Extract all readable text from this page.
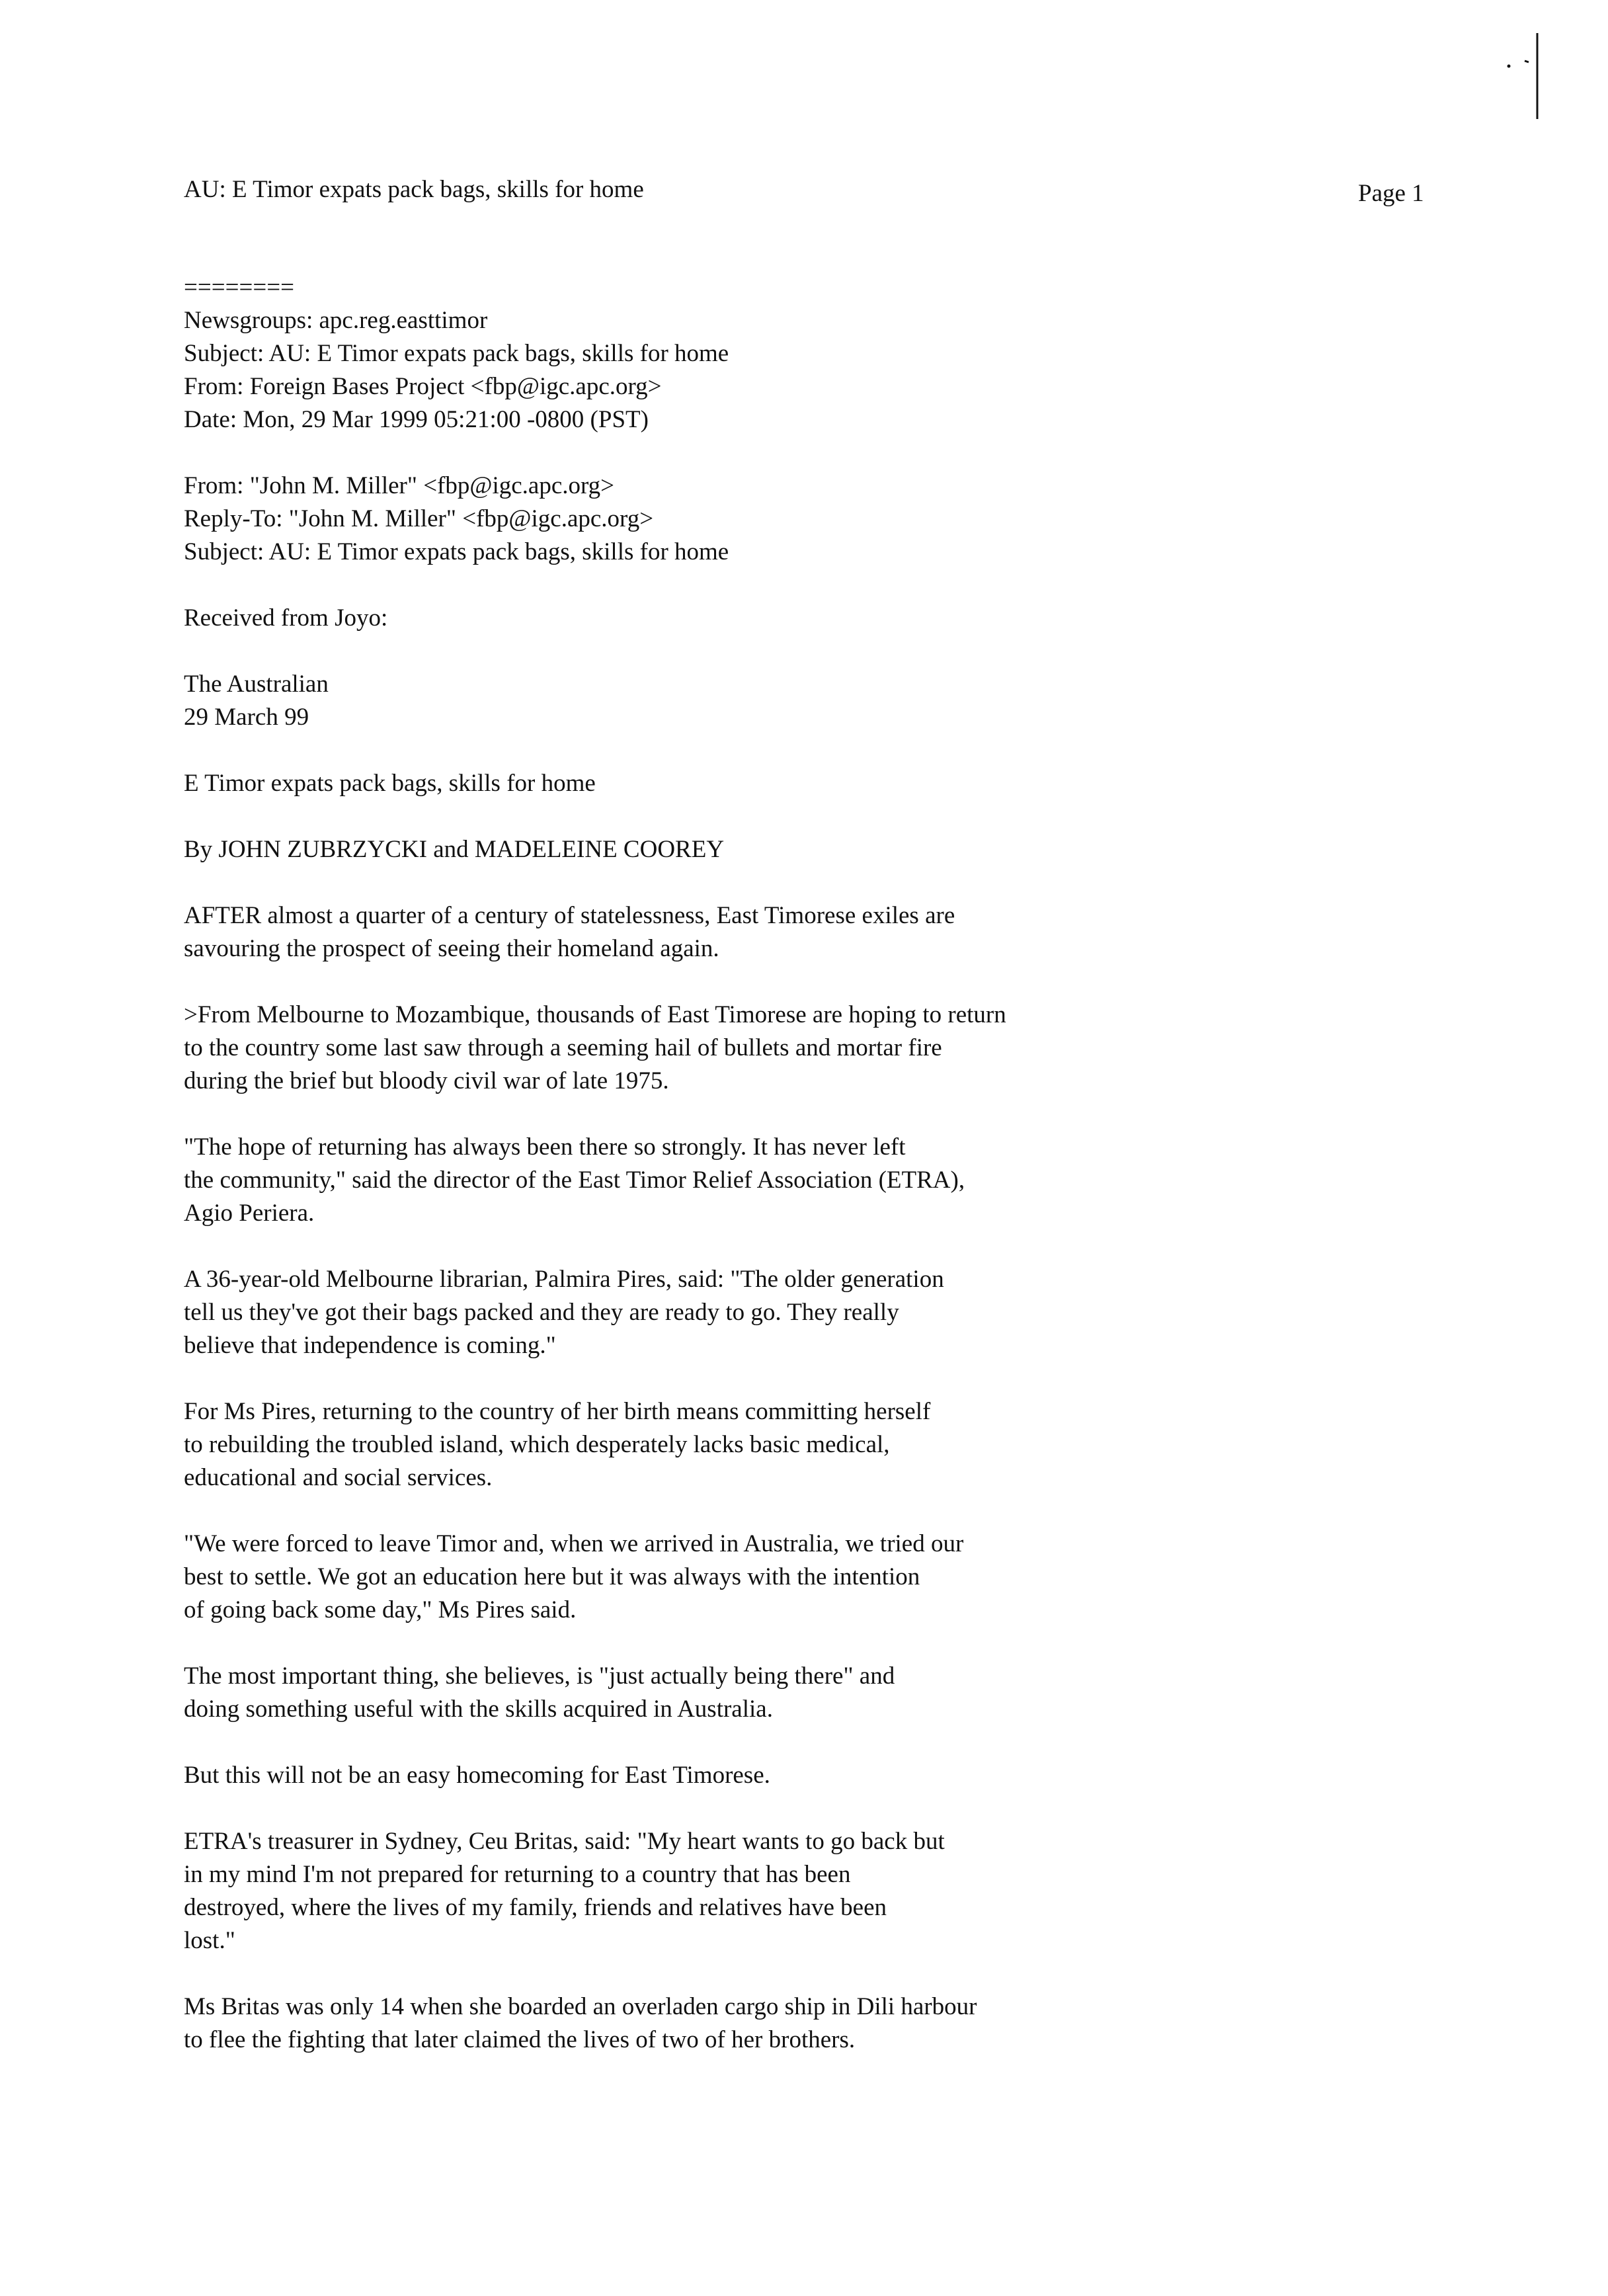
AU: E Timor expats pack bags, skills for home	Page 1
========
Newsgroups: apc.reg.easttimor
Subject: AU: E Timor expats pack bags, skills for home
From: Foreign Bases Project <fbp@igc.apc.org>
Date: Mon, 29 Mar 1999 05:21:00 -0800 (PST)
From: "John M. Miller" <fbp@igc.apc.org>
Reply-To: "John M. Miller" <fbp@igc.apc.org>
Subject: AU: E Timor expats pack bags, skills for home
Received from Joyo:
The Australian
29 March 99
E Timor expats pack bags, skills for home
By JOHN ZUBRZYCKI and MADELEINE COOREY
AFTER almost a quarter of a century of statelessness, East Timorese exiles are
savouring the prospect of seeing their homeland again.
>From Melbourne to Mozambique, thousands of East Timorese are hoping to return
to the country some last saw through a seeming hail of bullets and mortar fire
during the brief but bloody civil war of late 1975.
"The hope of returning has always been there so strongly. It has never left
the community," said the director of the East Timor Relief Association (ETRA),
Agio Periera.
A 36-year-old Melbourne librarian, Palmira Pires, said: "The older generation
tell us they've got their bags packed and they are ready to go. They really
believe that independence is coming."
For Ms Pires, returning to the country of her birth means committing herself
to rebuilding the troubled island, which desperately lacks basic medical,
educational and social services.
"We were forced to leave Timor and, when we arrived in Australia, we tried our
best to settle. We got an education here but it was always with the intention
of going back some day," Ms Pires said.
The most important thing, she believes, is "just actually being there" and
doing something useful with the skills acquired in Australia.
But this will not be an easy homecoming for East Timorese.
ETRA's treasurer in Sydney, Ceu Britas, said: "My heart wants to go back but
in my mind I'm not prepared for returning to a country that has been
destroyed, where the lives of my family, friends and relatives have been
lost."
Ms Britas was only 14 when she boarded an overladen cargo ship in Dili harbour
to flee the fighting that later claimed the lives of two of her brothers.
